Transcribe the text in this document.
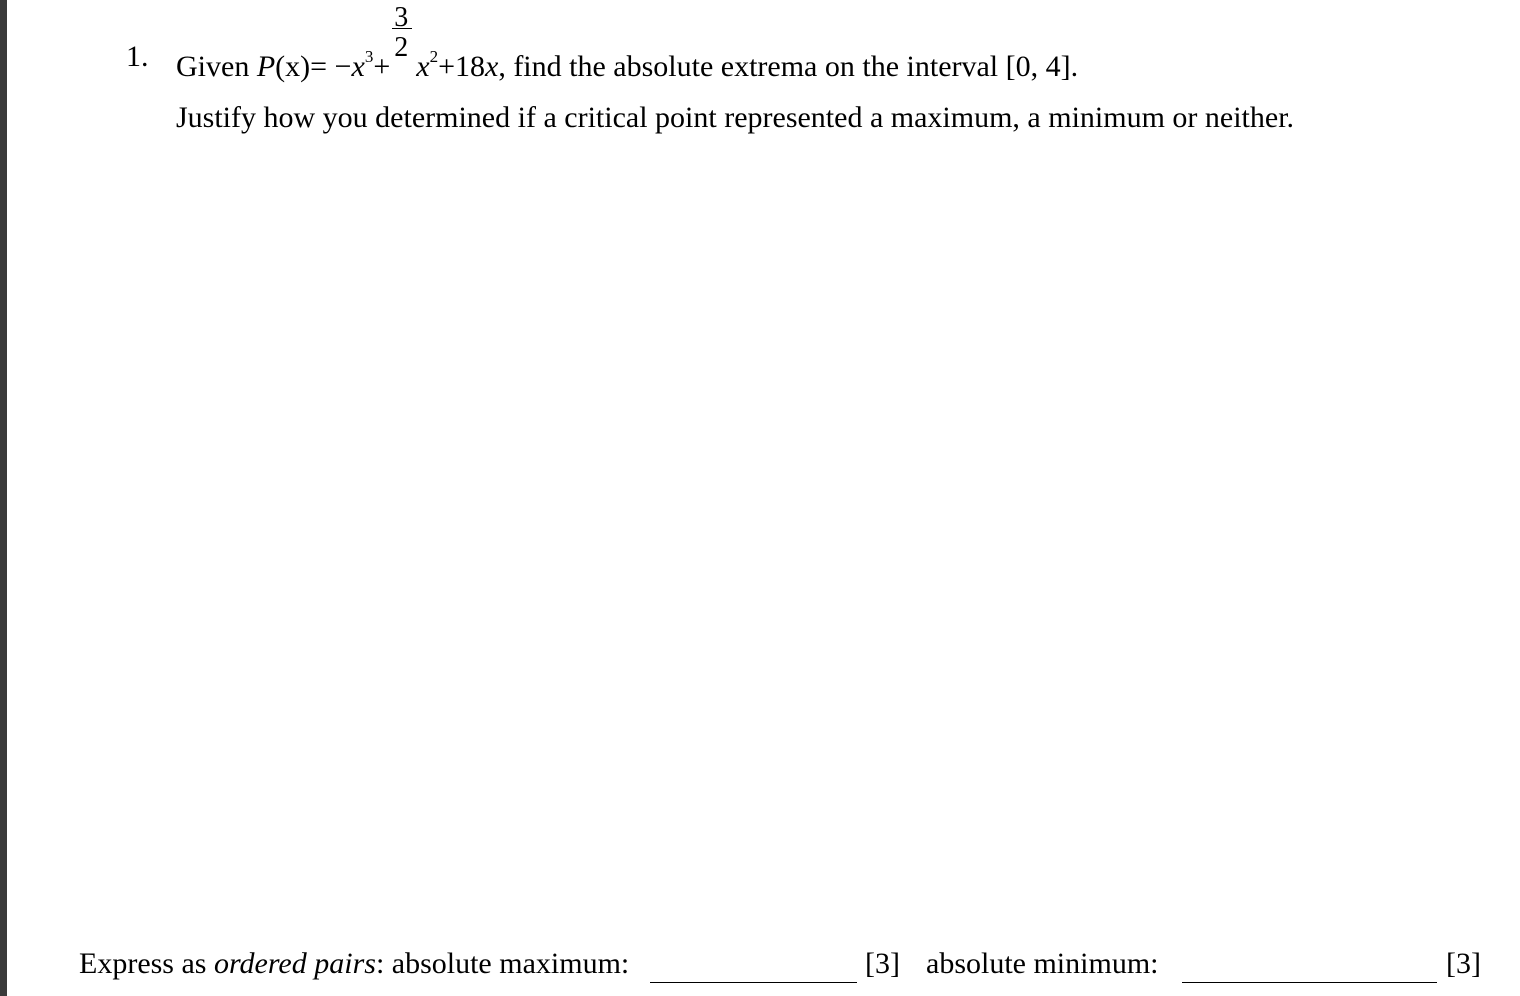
1. Given
P (x) = − x $3 + \frac{3}{2}$ x 2 +18 x , find the absolute extrema on the interval [0, 4].
Justify how you determined if a critical point represented a maximum, a minimum or neither.
Express as ordered pairs: absolute maximum:	[3] absolute minimum:	[3]
